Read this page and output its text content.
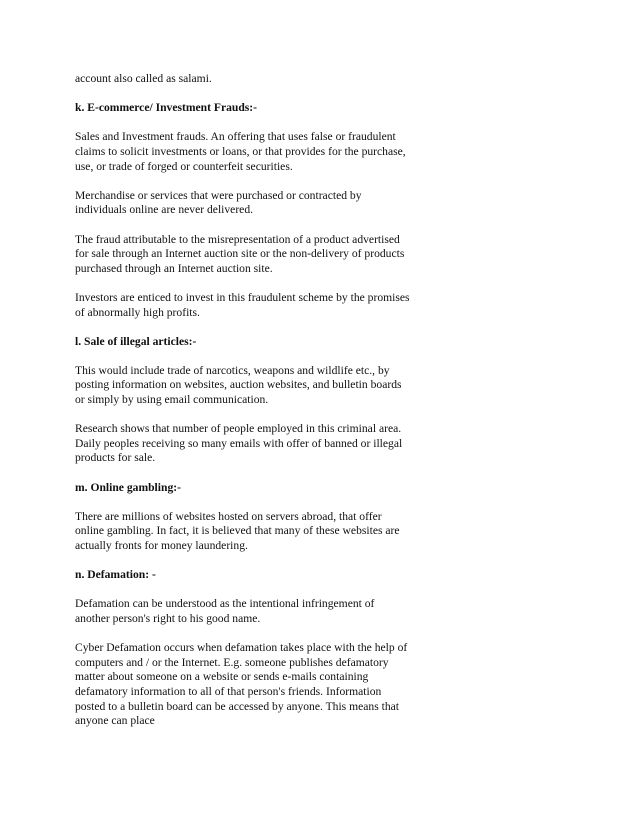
account also called as salami.
k. E-commerce/ Investment Frauds:-
Sales and Investment frauds. An offering that uses false or fraudulent
claims to solicit investments or loans, or that provides for the purchase,
use, or trade of forged or counterfeit securities.
Merchandise or services that were purchased or contracted by
individuals online are never delivered.
The fraud attributable to the misrepresentation of a product advertised
for sale through an Internet auction site or the non-delivery of products
purchased through an Internet auction site.
Investors are enticed to invest in this fraudulent scheme by the promises
of abnormally high profits.
l. Sale of illegal articles:-
This would include trade of narcotics, weapons and wildlife etc., by
posting information on websites, auction websites, and bulletin boards
or simply by using email communication.
Research shows that number of people employed in this criminal area.
Daily peoples receiving so many emails with offer of banned or illegal
products for sale.
m. Online gambling:-
There are millions of websites hosted on servers abroad, that offer
online gambling. In fact, it is believed that many of these websites are
actually fronts for money laundering.
n. Defamation: -
Defamation can be understood as the intentional infringement of
another person's right to his good name.
Cyber Defamation occurs when defamation takes place with the help of
computers and / or the Internet. E.g. someone publishes defamatory
matter about someone on a website or sends e-mails containing
defamatory information to all of that person's friends. Information
posted to a bulletin board can be accessed by anyone. This means that
anyone can place
